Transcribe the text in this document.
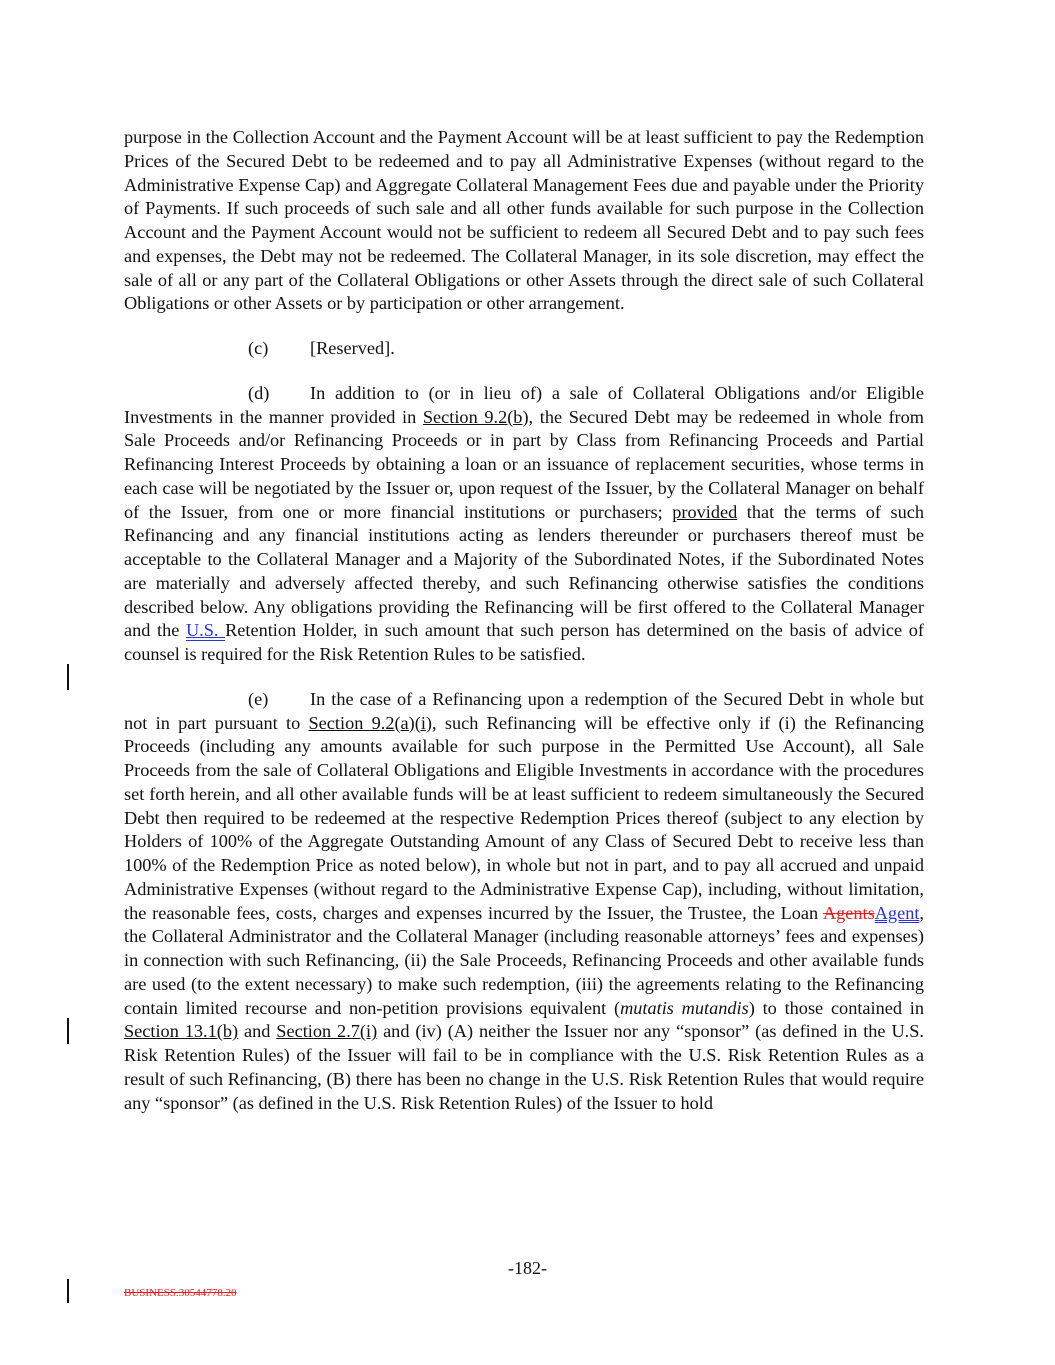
purpose in the Collection Account and the Payment Account will be at least sufficient to pay the Redemption Prices of the Secured Debt to be redeemed and to pay all Administrative Expenses (without regard to the Administrative Expense Cap) and Aggregate Collateral Management Fees due and payable under the Priority of Payments. If such proceeds of such sale and all other funds available for such purpose in the Collection Account and the Payment Account would not be sufficient to redeem all Secured Debt and to pay such fees and expenses, the Debt may not be redeemed. The Collateral Manager, in its sole discretion, may effect the sale of all or any part of the Collateral Obligations or other Assets through the direct sale of such Collateral Obligations or other Assets or by participation or other arrangement.

(c) [Reserved].

(d) In addition to (or in lieu of) a sale of Collateral Obligations and/or Eligible Investments in the manner provided in Section 9.2(b), the Secured Debt may be redeemed in whole from Sale Proceeds and/or Refinancing Proceeds or in part by Class from Refinancing Proceeds and Partial Refinancing Interest Proceeds by obtaining a loan or an issuance of replacement securities, whose terms in each case will be negotiated by the Issuer or, upon request of the Issuer, by the Collateral Manager on behalf of the Issuer, from one or more financial institutions or purchasers; provided that the terms of such Refinancing and any financial institutions acting as lenders thereunder or purchasers thereof must be acceptable to the Collateral Manager and a Majority of the Subordinated Notes, if the Subordinated Notes are materially and adversely affected thereby, and such Refinancing otherwise satisfies the conditions described below. Any obligations providing the Refinancing will be first offered to the Collateral Manager and the U.S. Retention Holder, in such amount that such person has determined on the basis of advice of counsel is required for the Risk Retention Rules to be satisfied.

(e) In the case of a Refinancing upon a redemption of the Secured Debt in whole but not in part pursuant to Section 9.2(a)(i), such Refinancing will be effective only if (i) the Refinancing Proceeds (including any amounts available for such purpose in the Permitted Use Account), all Sale Proceeds from the sale of Collateral Obligations and Eligible Investments in accordance with the procedures set forth herein, and all other available funds will be at least sufficient to redeem simultaneously the Secured Debt then required to be redeemed at the respective Redemption Prices thereof (subject to any election by Holders of 100% of the Aggregate Outstanding Amount of any Class of Secured Debt to receive less than 100% of the Redemption Price as noted below), in whole but not in part, and to pay all accrued and unpaid Administrative Expenses (without regard to the Administrative Expense Cap), including, without limitation, the reasonable fees, costs, charges and expenses incurred by the Issuer, the Trustee, the Loan AgentsAgent, the Collateral Administrator and the Collateral Manager (including reasonable attorneys’ fees and expenses) in connection with such Refinancing, (ii) the Sale Proceeds, Refinancing Proceeds and other available funds are used (to the extent necessary) to make such redemption, (iii) the agreements relating to the Refinancing contain limited recourse and non-petition provisions equivalent (mutatis mutandis) to those contained in Section 13.1(b) and Section 2.7(i) and (iv) (A) neither the Issuer nor any “sponsor” (as defined in the U.S. Risk Retention Rules) of the Issuer will fail to be in compliance with the U.S. Risk Retention Rules as a result of such Refinancing, (B) there has been no change in the U.S. Risk Retention Rules that would require any “sponsor” (as defined in the U.S. Risk Retention Rules) of the Issuer to hold

-182-
BUSINESS.30544778.20
